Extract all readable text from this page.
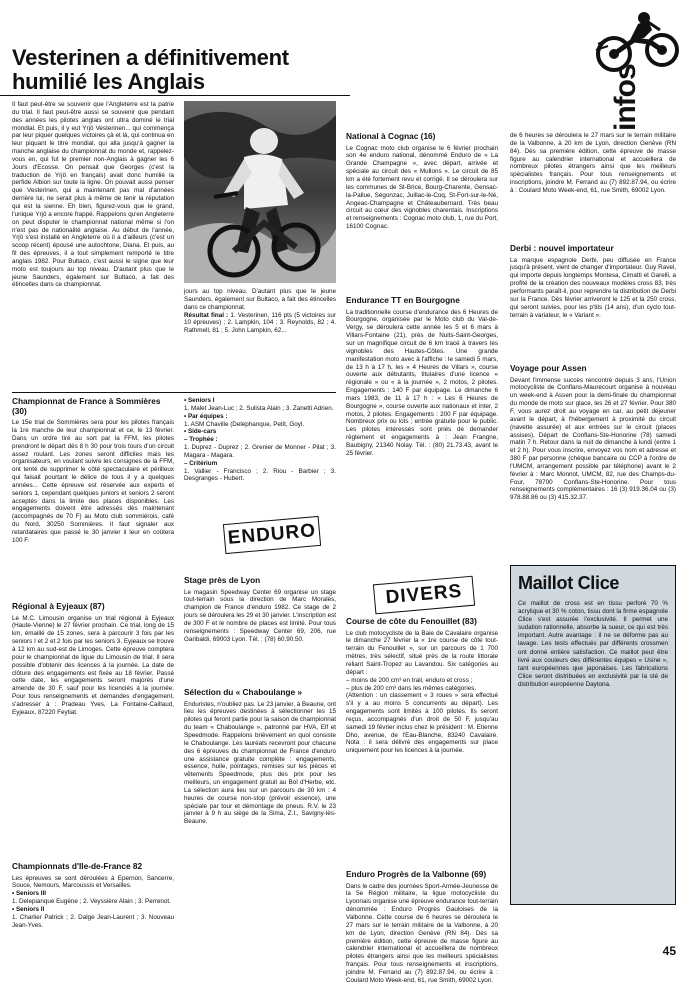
Vesterinen a définitivement
humilié les Anglais	infos

Il faut peut-être se souvenir que l'Angleterre est la patrie du trial. Il faut peut-être aussi se souvenir que pendant des années les pilotes anglais ont ultra dominé le trial mondial. Et puis, il y eut Yrjö Vesterinen... qui commença par leur piquer quelques victoires çà et là, qui continua en leur piquant le titre mondial, qui alla jusqu'à gagner la manche anglaise du championnat du monde et, rappelez-vous en, qui fut le premier non-Anglais à gagner les 6 Jours d'Ecosse. On pensait que Georges (c'est la traduction de Yrjö en français) avait donc humilié la perfide Albion sur toute la ligne. On pouvait aussi penser que Vesterinen, qui a maintenant pas mal d'années derrière lui, ne serait plus à même de tenir la réputation qui est la sienne. Eh bien, figurez-vous que le grand, l'unique Yrjö a encore frappé. Rappelons qu'en Angleterre on peut disputer le championnat national même si l'on n'est pas de nationalité anglaise. Au début de l'année, Yrjö s'est installé en Angleterre où il a d'ailleurs (c'est un scoop récent) épousé une autochtone, Diana. Et puis, au fil des épreuves, il a tout simplement remporté le titre anglais 1982. Pour Bultaco, c'est aussi le signe que leur moto est toujours au top niveau. D'autant plus que le jeune Saunders, également sur Bultaco, a fait des étincelles dans ce championnat.

jours au top niveau. D'autant plus que le jeune Saunders, également sur Bultaco, a fait des étincelles dans ce championnat.

Résultat final : 1. Vesterinen, 116 pts (5 victoires sur 10 épreuves) ; 2. Lampkin, 104 ; 3. Reynolds, 82 ; 4. Rathmell, 81 ; 5. John Lampkin, 62...

Championnat de France à Sommières (30)

Le 15e trial de Sommières sera pour les pilotes français la 1re manche de leur championnat et ce, le 13 février. Dans un ordre tiré au sort par la FFM, les pilotes prendront le départ dès 8 h 30 pour trois tours d'un circuit assez roulant. Les zones seront difficiles mais les organisateurs, en voulant suivre les consignes de la FFM, ont tenté de supprimer le côté spectaculaire et périlleux qui faisait pourtant le délice de tous il y a quelques années... Cette épreuve est réservée aux experts et seniors 1, cependant quelques juniors et seniors 2 seront acceptés dans la limite des places disponibles. Les engagements doivent être adressés dès maintenant (accompagnés de 70 F) au Moto club sommiérois, café du Nord, 30250 Sommières. Il faut signaler aux retardataires que passé le 30 janvier il leur en coûtera 100 F.

Régional à Eyjeaux (87)

Le M.C. Limousin organise un trial régional à Eyjeaux (Haute-Vienne) le 27 février prochain. Ce trial, long de 15 km, émaillé de 15 zones, sera à parcourir 3 fois par les seniors I et 2 et 2 fois par les seniors 3. Eyjeaux se trouve à 12 km au sud-est de Limoges. Cette épreuve comptera pour le championnat de ligue du Limousin de trial. Il sera possible d'obtenir des licences à la journée. La date de clôture des engagements est fixée au 18 février. Passé cette date, les engagements seront majorés d'une amende de 30 F, sauf pour les licenciés à la journée. Pour tous renseignements et demandes d'engagement, s'adresser à : Pradeau Yves, La Fontaine-Caillaud, Eyjeaux, 87220 Feytiat.

Championnats d'Ile-de-France 82

Les épreuves se sont déroulées à Epernon, Sancerre, Souce, Nemours, Marcoussis et Versailles.

• Seniors III

1. Delepianque Eugène ; 2. Veyssière Alain ; 3. Perrenot.

• Seniors II

1. Charlier Patrick ; 2. Dalge Jean-Laurent ; 3. Nouveau Jean-Yves.

• Seniors I

1. Malet Jean-Luc ; 2. Sulista Alain ; 3. Zanetti Adrien.

• Par équipes :

1. ASM Chaville (Delephanque, Petit, Goyl.

• Side-cars

– Trophée :

1. Duprez - Duprez ; 2. Grenier de Monner - Pilat ; 3. Magara - Magara.

– Critérium

1. Vallier - Francisco ; 2. Riou - Barbier ; 3. Desgranges - Hubert.

ENDURO
Stage près de Lyon

Le magasin Speedway Center 69 organise un stage tout-terrain sous la direction de Marc Moralès, champion de France d'enduro 1982. Ce stage de 2 jours se déroulera les 29 et 30 janvier. L'inscription est de 300 F et le nombre de places est limité. Pour tous renseignements : Speedway Center 69, 206, rue Garibaldi, 69003 Lyon. Tél. : (78) 60.90.50.

Sélection du « Chaboulange »

Enduristes, n'oubliez pas. Le 23 janvier, à Beaune, ont lieu les épreuves destinées à sélectionner les 15 pilotes qui feront partie pour la saison de championnat du team « Chaboulange », patronné par HVA, Elf et Speedmode. Rappelons brièvement en quoi consiste le Chaboulange. Les lauréats recevront pour chacune des 6 épreuves du championnat de France d'enduro une assistance gratuite complète : engagements, essence, huile, pointages, remises sur les pièces et vêtements Speedmode, plus des prix pour les meilleurs, un engagement gratuit au Bol d'Herbe, etc. La sélection aura lieu sur un parcours de 30 km : 4 heures de course non-stop (prévoir essence), une spéciale par tour et démontage de pneus. R.V. le 23 janvier à 9 h au siège de la Sima, Z.I., Savigny-lès-Beaune.

National à Cognac (16)

Le Cognac moto club organise le 6 février prochain son 4e enduro national, dénommé Enduro de « La Grande Champagne », avec départ, arrivée et spéciale au circuit des « Mullons ». Le circuit de 85 km a été fortement revu et corrigé. Il se déroulera sur les communes de St-Brice, Bourg-Charente, Gensac-la-Pallue, Ségonzac, Juillac-le-Coq, St-Fort-sur-le-Né, Angeac-Champagne et Châteaubernard. Très beau circuit au cœur des vignobles charentais. Inscriptions et renseignements : Cognac moto club, 1, rue du Port, 16100 Cognac.

Endurance TT en Bourgogne

La traditionnelle course d'endurance des 6 Heures de Bourgogne, organisée par le Moto club du Val-de-Vergy, se déroulera cette année les 5 et 6 mars à Villars-Fontaine (21), près de Nuits-Saint-Georges, sur un magnifique circuit de 6 km tracé à travers les vignobles des Hautes-Côtes. Une grande manifestation moto avec à l'affiche : le samedi 5 mars, de 13 h à 17 h, les « 4 Heures de Villars », course ouverte aux débutants, titulaires d'une licence « régionale » ou « à la journée », 2 motos, 2 pilotes. Engagements : 140 F par équipage. Le dimanche 6 mars 1983, de 11 à 17 h : « Les 6 Heures de Bourgogne », course ouverte aux nationaux et inter, 2 motos, 2 pilotes. Engagements : 200 F par équipage. Nombreux prix ou lots ; entrée gratuite pour le public. Les pilotes intéressés sont priés de demander règlement et engagements à : Jean Frangne, Baubigny, 21340 Nolay. Tél. : (80) 21.73.43, avant le 25 février.

DIVERS
Course de côte du Fenouillet (83)

Le club motocycliste de la Baie de Cavalaire organise le dimanche 27 février la « 1re course de côte tout-terrain du Fenouillet », sur un parcours de 1 700 mètres, très sélectif, situé près de la route littorale reliant Saint-Tropez au Lavandou. Six catégories au départ :

– moins de 200 cm³ en trail, enduro et cross ;

– plus de 200 cm³ dans les mêmes catégories.

(Attention : un classement « 3 roues » sera effectué s'il y a au moins 5 concurrents au départ). Les engagements sont limités à 100 pilotes. Ils seront reçus, accompagnés d'un droit de 50 F, jusqu'au samedi 19 février inclus chez le président : M. Etienne Dho, avenue, de l'Eau-Blanche, 83240 Cavalaire. Nota : il sera délivré des engagements sur place uniquement pour les licences à la journée.

Enduro Progrès de la Valbonne (69)

Dans le cadre des journées Sport-Armée-Jeunesse de la 5e Région militaire, la ligue motocycliste du Lyonnais organise une épreuve endurance tout-terrain dénommée : Enduro Progrès Gauloises de la Valbonne. Cette course de 6 heures se déroulera le 27 mars sur le terrain militaire de la Valbonne, à 20 km de Lyon, direction Genève (RN 84). Dès sa première édition, cette épreuve de masse figure au calendrier international et accueillera de nombreux pilotes étrangers ainsi que les meilleurs spécialistes français. Pour tous renseignements et inscriptions, joindre M. Ferrand au (7) 892.87.94, ou écrire à : Coulard Moto Week-end, 61, rue Smith, 69002 Lyon.

de 6 heures se déroulera le 27 mars sur le terrain militaire de la Valbonne, à 20 km de Lyon, direction Genève (RN 84). Dès sa première édition, cette épreuve de masse figure au calendrier international et accueillera de nombreux pilotes étrangers ainsi que les meilleurs spécialistes français. Pour tous renseignements et inscriptions, joindre M. Ferrand au (7) 892.87.94, ou écrire à : Coulard Moto Week-end, 61, rue Smith, 69002 Lyon.

Derbi : nouvel importateur

La marque espagnole Derbi, peu diffusée en France jusqu'à présent, vient de changer d'importateur. Guy Ravel, qui importe depuis longtemps Montesa, Cimatti et Garelli, a profité de la création des nouveaux modèles cross 83, très performants paraît-il, pour reprendre la distribution de Derbi sur la France. Dès février arriveront le 125 et la 250 cross, qui seront suivies, pour les p'tits (14 ans), d'un cyclo tout-terrain à variateur, le « Variant ».

Voyage pour Assen

Devant l'immense succès rencontré depuis 3 ans, l'Union motocycliste de Conflans-Maurecourt organise à nouveau un week-end à Assen pour la demi-finale du championnat du monde de moto sur glace, les 26 et 27 février. Pour 380 F, vous aurez droit au voyage en car, au petit déjeuner avant le départ, à l'hébergement à proximité du circuit (navette assurée) et aux entrées sur le circuit (places assises). Départ de Conflans-Ste-Honorine (78) samedi matin 7 h. Retour dans la nuit de dimanche à lundi (entre 1 et 2 h). Pour vous inscrire, envoyez vos nom et adresse et 380 F par personne (chèque bancaire ou CCP à l'ordre de l'UMCM, arrangement possible par téléphone) avant le 2 février à : Marc Monnot, UMCM, 82, rue des Champs-du-Four, 78700 Conflans-Ste-Honorine. Pour tous renseignements complémentaires : 16 (3) 919.36.04 ou (3) 978.88.86 ou (3) 415.32.37.

Maillot Clice

Ce maillot de cross est en tissu perforé 70 % acrylique et 30 % coton, tissu dont la firme espagnole Clice s'est assurée l'exclusivité. Il permet une sudation rationnelle, absorbe la sueur, ce qui est très important. Autre avantage : il ne se déforme pas au lavage. Les tests effectués par différents crossmen ont donné entière satisfaction. Ce maillot peut être livré aux couleurs des différentes équipes « Usine », tant européennes que japonaises. Les fabrications Clice seront distribuées en exclusivité par la sté de distribution européenne Daytona.

45
